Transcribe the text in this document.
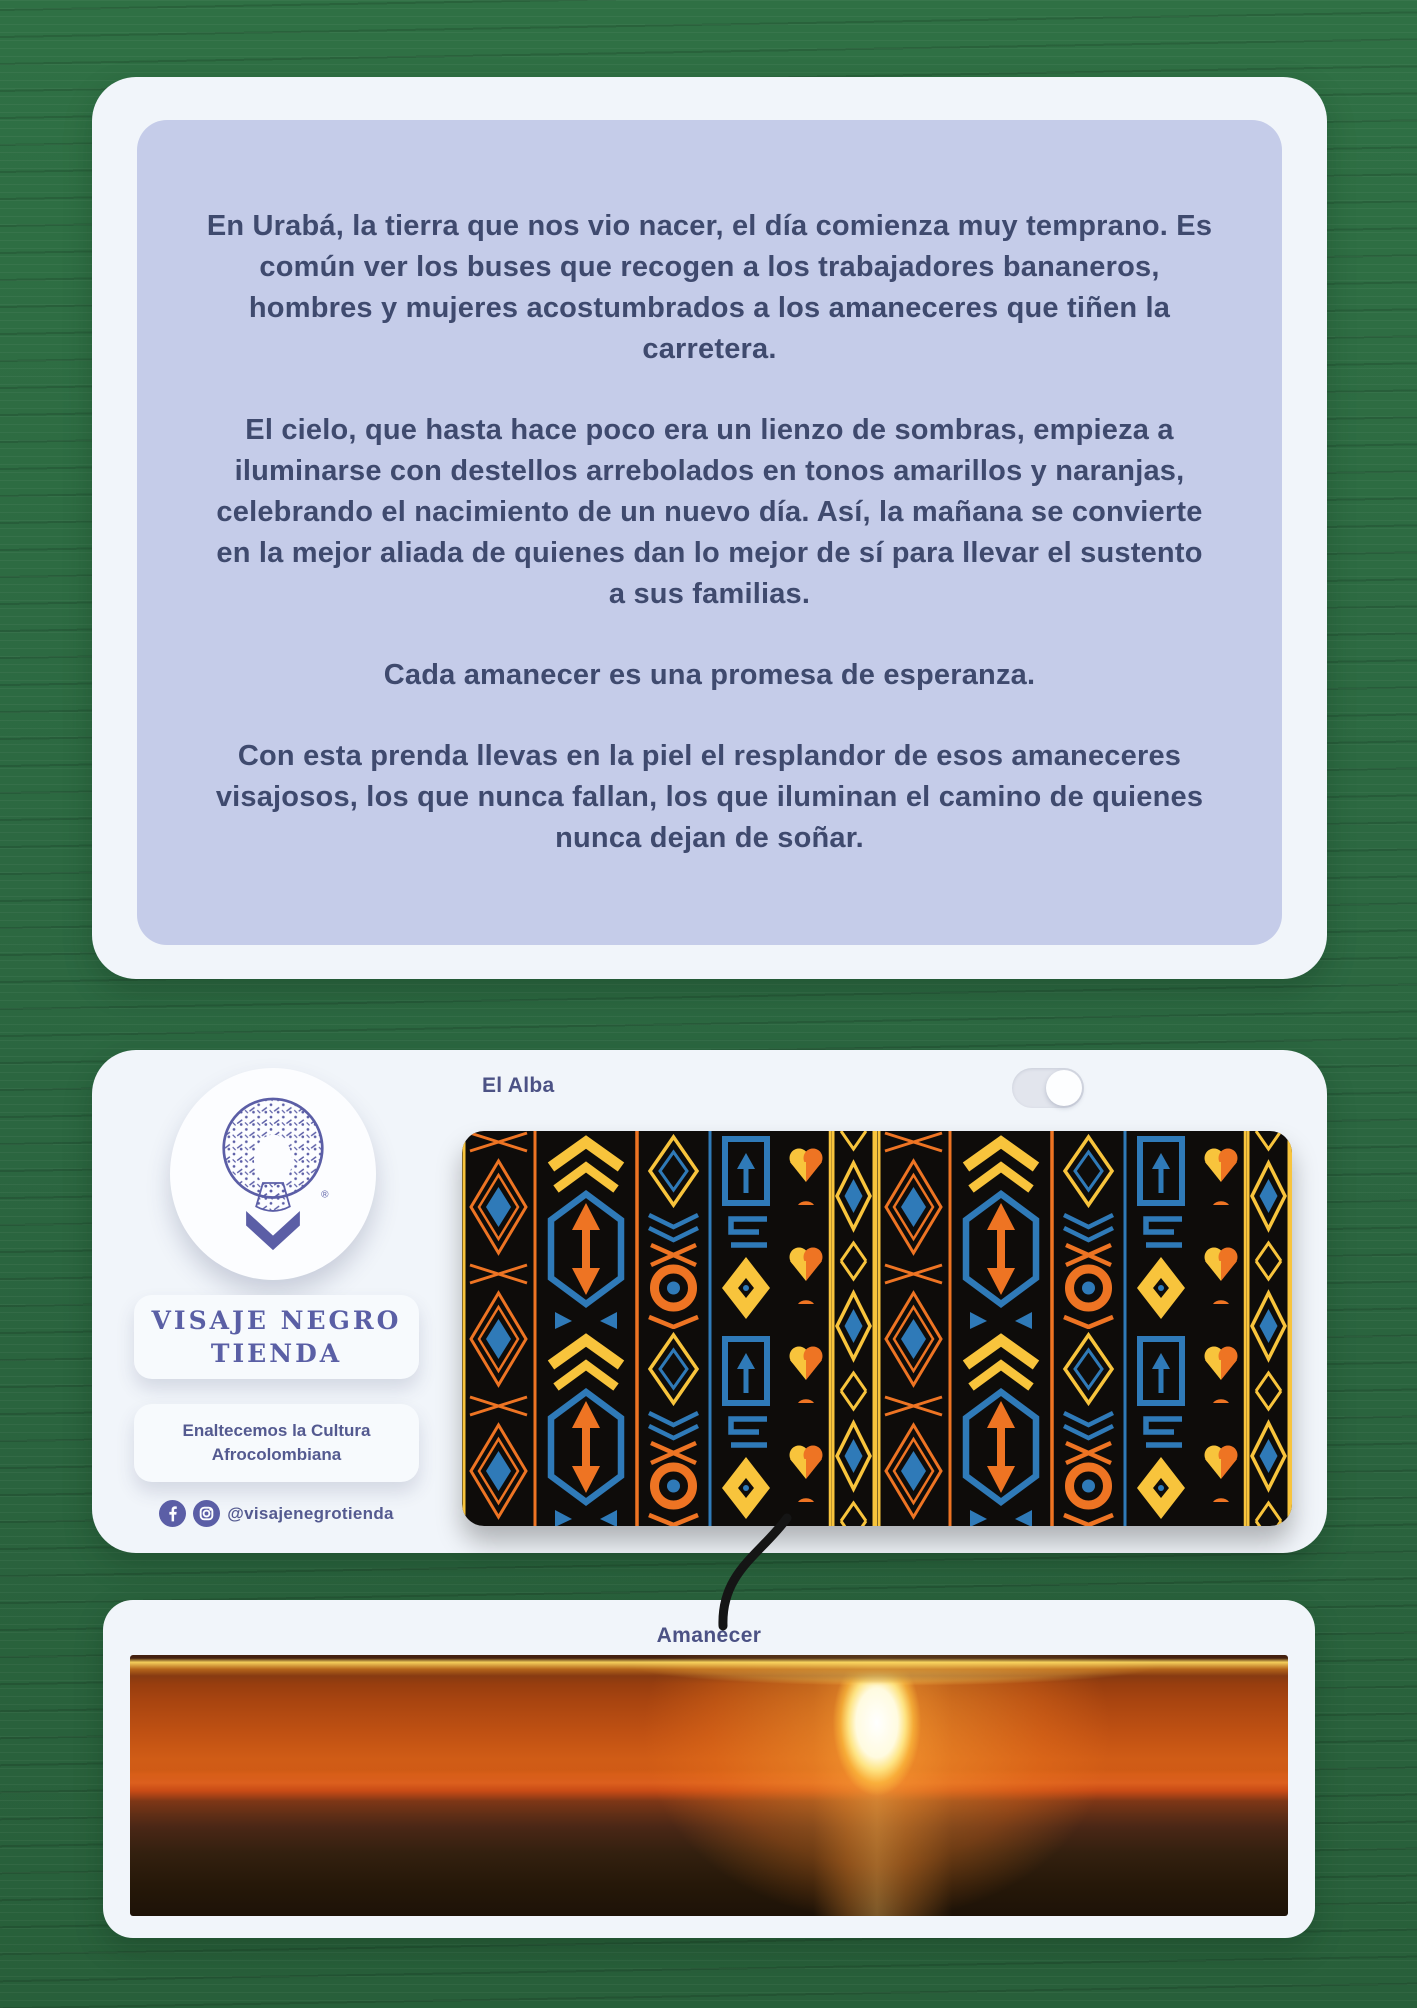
En Urabá, la tierra que nos vio nacer, el día comienza muy temprano. Es común ver los buses que recogen a los trabajadores bananeros, hombres y mujeres acostumbrados a los amaneceres que tiñen la carretera.

El cielo, que hasta hace poco era un lienzo de sombras, empieza a iluminarse con destellos arrebolados en tonos amarillos y naranjas, celebrando el nacimiento de un nuevo día. Así, la mañana se convierte en la mejor aliada de quienes dan lo mejor de sí para llevar el sustento a sus familias.

Cada amanecer es una promesa de esperanza.

Con esta prenda llevas en la piel el resplandor de esos amaneceres visajosos, los que nunca fallan, los que iluminan el camino de quienes nunca dejan de soñar.

®
VISAJE NEGRO
TIENDA
Enaltecemos la Cultura
Afrocolombiana
@visajenegrotienda
El Alba
Amanecer
